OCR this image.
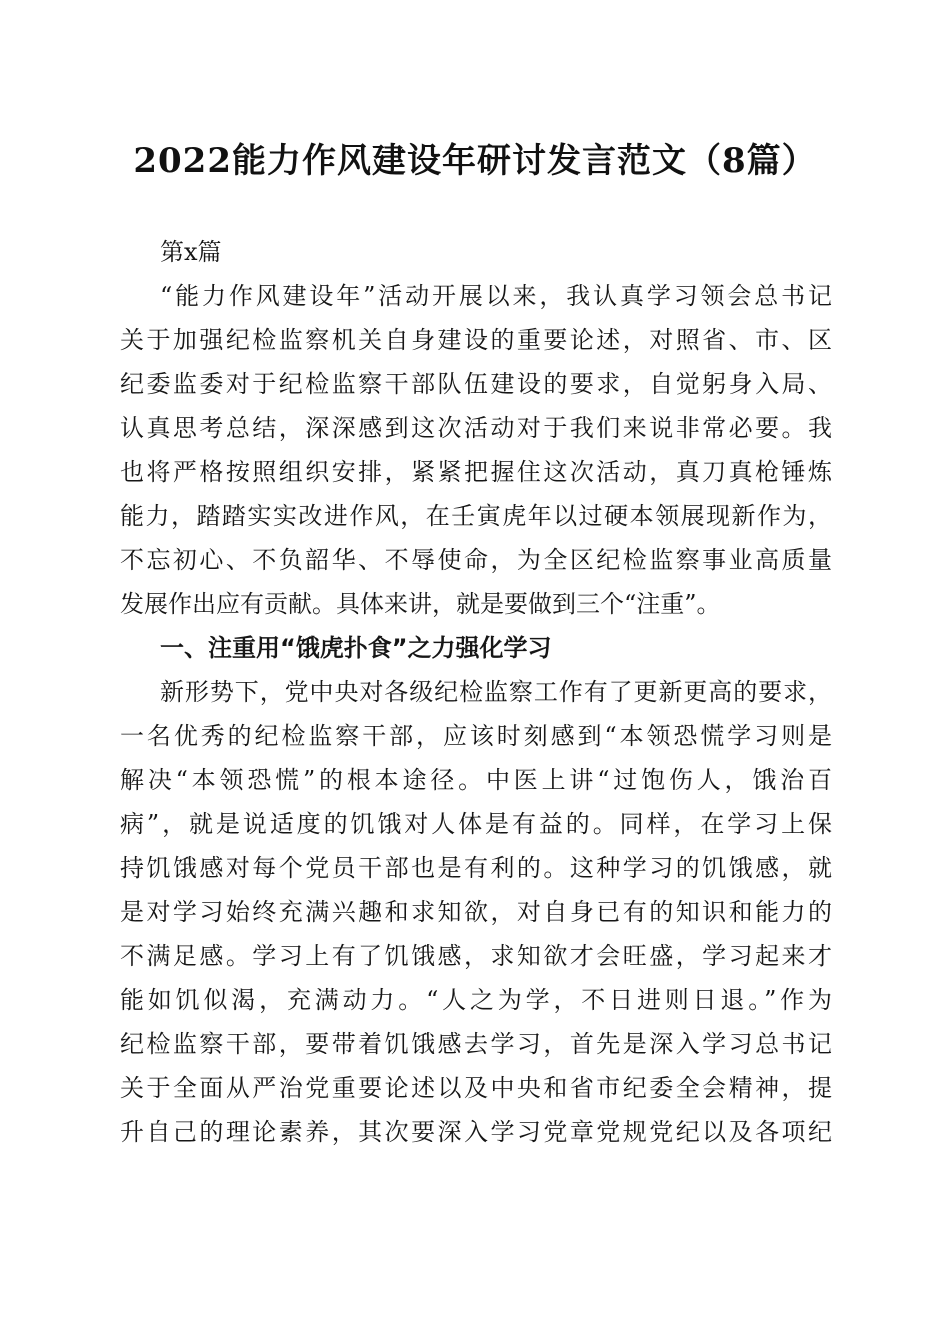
2022能力作风建设年研讨发言范文（8篇）
第x篇
“能力作风建设年”活动开展以来，我认真学习领会总书记
关于加强纪检监察机关自身建设的重要论述，对照省、市、区
纪委监委对于纪检监察干部队伍建设的要求，自觉躬身入局、
认真思考总结，深深感到这次活动对于我们来说非常必要。我
也将严格按照组织安排，紧紧把握住这次活动，真刀真枪锤炼
能力，踏踏实实改进作风，在壬寅虎年以过硬本领展现新作为，
不忘初心、不负韶华、不辱使命，为全区纪检监察事业高质量
发展作出应有贡献。具体来讲，就是要做到三个“注重”。
一、注重用“饿虎扑食”之力强化学习
新形势下，党中央对各级纪检监察工作有了更新更高的要求，
一名优秀的纪检监察干部，应该时刻感到“本领恐慌学习则是
解决“本领恐慌”的根本途径。中医上讲“过饱伤人，饿治百
病”，就是说适度的饥饿对人体是有益的。同样，在学习上保
持饥饿感对每个党员干部也是有利的。这种学习的饥饿感，就
是对学习始终充满兴趣和求知欲，对自身已有的知识和能力的
不满足感。学习上有了饥饿感，求知欲才会旺盛，学习起来才
能如饥似渴，充满动力。“人之为学，不日进则日退。”作为
纪检监察干部，要带着饥饿感去学习，首先是深入学习总书记
关于全面从严治党重要论述以及中央和省市纪委全会精神，提
升自己的理论素养，其次要深入学习党章党规党纪以及各项纪
